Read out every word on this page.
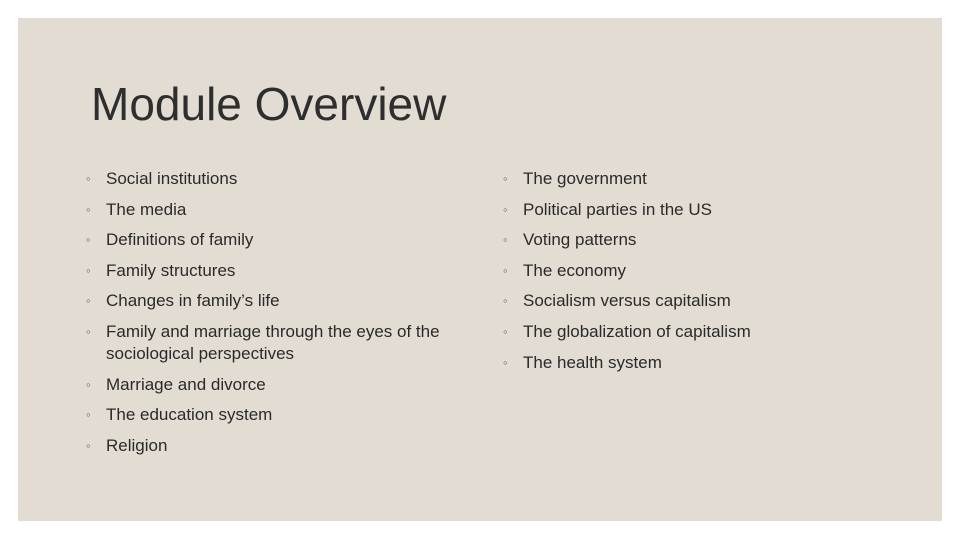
Module Overview
◦ Social institutions
◦ The media
◦ Definitions of family
◦ Family structures
◦ Changes in family’s life
◦ Family and marriage through the eyes of the sociological perspectives
◦ Marriage and divorce
◦ The education system
◦ Religion
◦ The government
◦ Political parties in the US
◦ Voting patterns
◦ The economy
◦ Socialism versus capitalism
◦ The globalization of capitalism
◦ The health system
